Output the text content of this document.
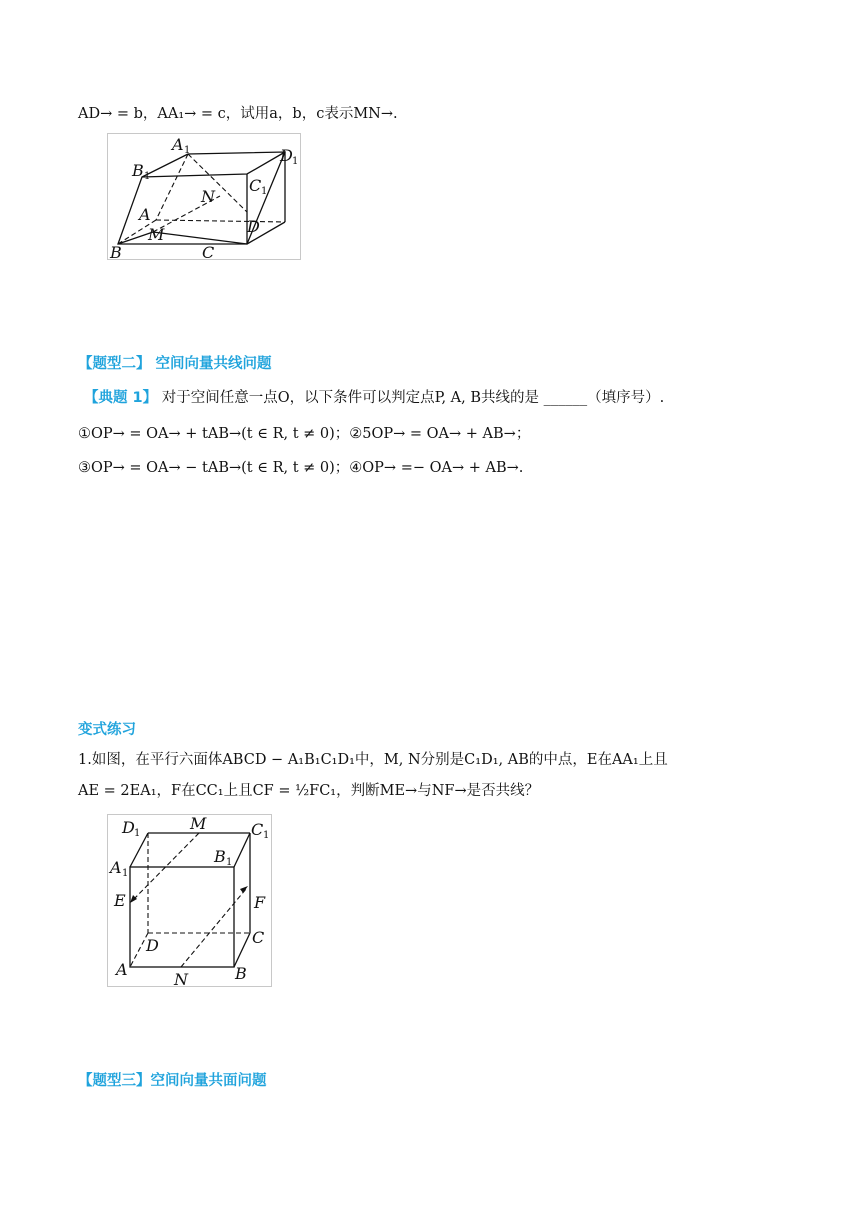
AD→ = b，AA₁→ = c，试用a，b，c表示MN→.
A 1
B 1	C 1
D 1
A
B	C
D
M
N
【题型二】 空间向量共线问题
【典题 1】 对于空间任意一点O，以下条件可以判定点P, A, B共线的是 ______（填序号）.
①OP→ = OA→ + tAB→(t ∈ R, t ≠ 0)；②5OP→ = OA→ + AB→；
③OP→ = OA→ − tAB→(t ∈ R, t ≠ 0)；④OP→ =− OA→ + AB→.
变式练习
1.如图，在平行六面体ABCD − A₁B₁C₁D₁中，M, N分别是C₁D₁, AB的中点，E在AA₁上且
AE = 2EA₁，F在CC₁上且CF = ½FC₁，判断ME→与NF→是否共线？
D 1
M	C 1
B 1
A 1
E	F
D	C
A
N	B
【题型三】空间向量共面问题
